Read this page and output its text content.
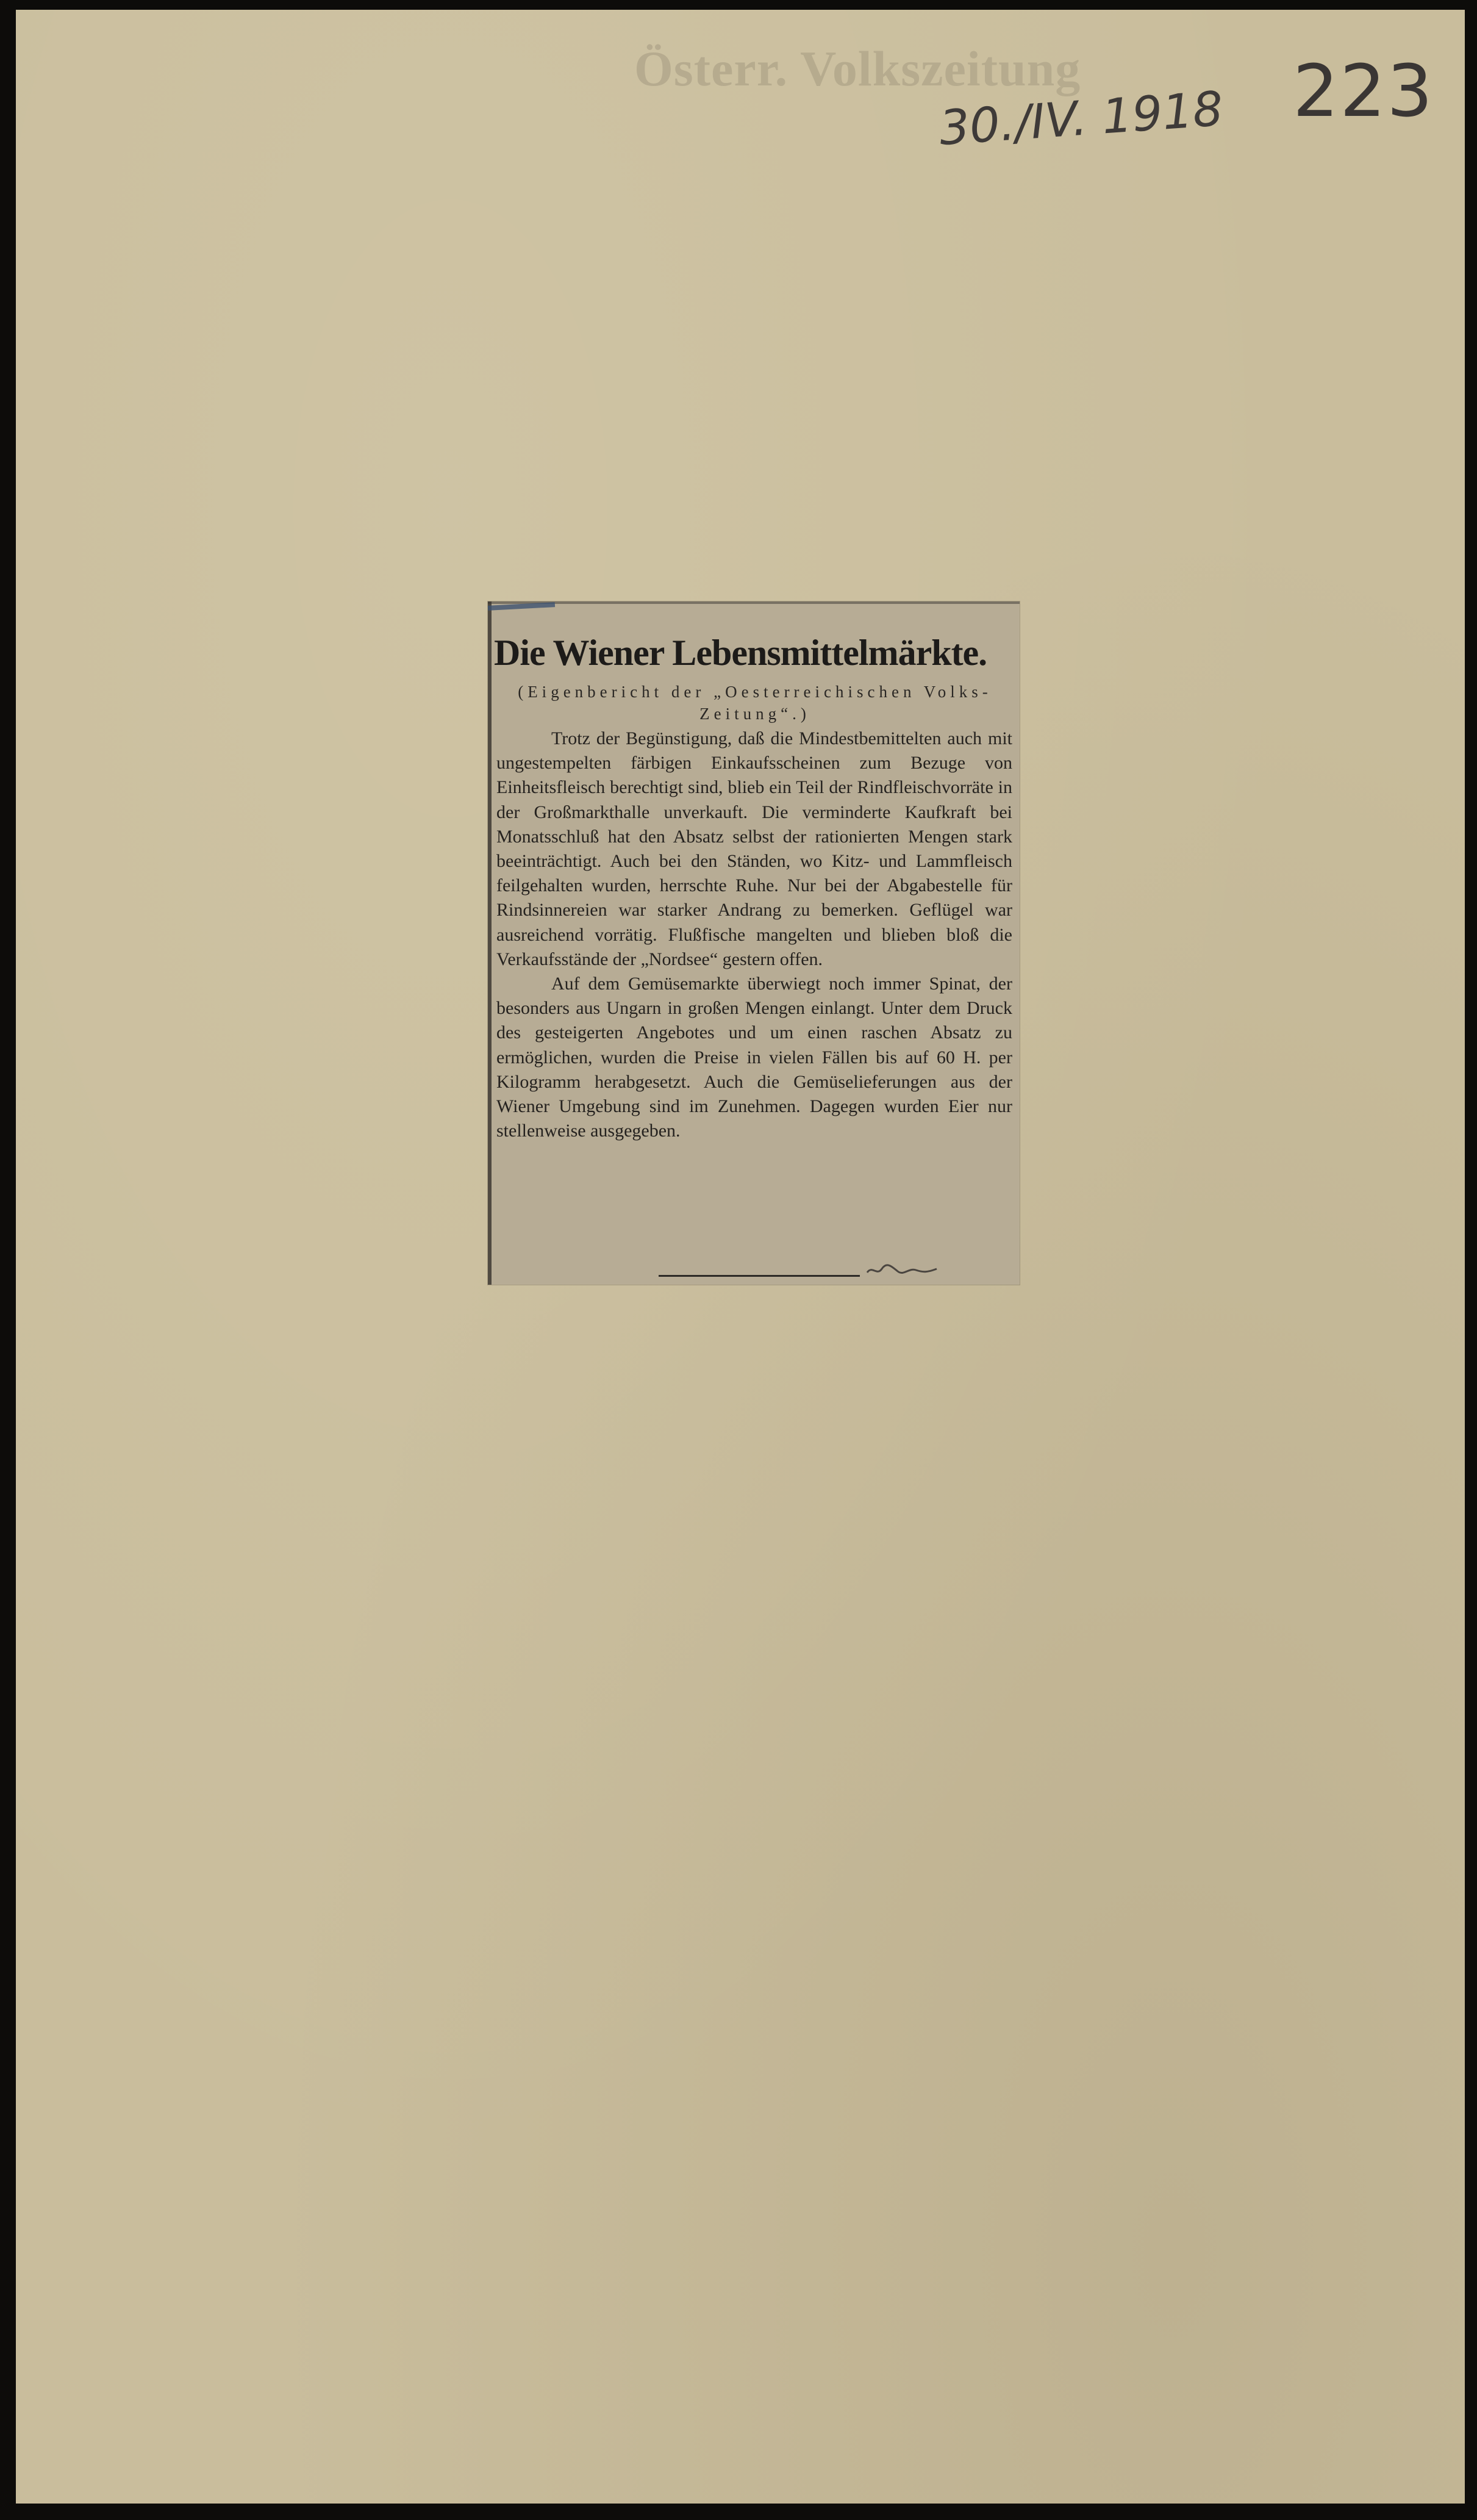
Österr. Volkszeitung
30./IV. 1918 223
Die Wiener Lebensmittelmärkte.
(Eigenbericht der „Oesterreichischen Volks-Zeitung“.)

Trotz der Begünstigung, daß die Mindestbemittelten auch mit ungestempelten färbigen Einkaufsscheinen zum Bezuge von Einheitsfleisch berechtigt sind, blieb ein Teil der Rindfleischvorräte in der Großmarkthalle unverkauft. Die verminderte Kaufkraft bei Monatsschluß hat den Absatz selbst der rationierten Mengen stark beeinträchtigt. Auch bei den Ständen, wo Kitz- und Lammfleisch feilgehalten wurden, herrschte Ruhe. Nur bei der Abgabestelle für Rindsinnereien war starker Andrang zu bemerken. Geflügel war ausreichend vorrätig. Flußfische mangelten und blieben bloß die Verkaufsstände der „Nordsee“ gestern offen.

Auf dem Gemüsemarkte überwiegt noch immer Spinat, der besonders aus Ungarn in großen Mengen einlangt. Unter dem Druck des gesteigerten Angebotes und um einen raschen Absatz zu ermöglichen, wurden die Preise in vielen Fällen bis auf 60 H. per Kilogramm herabgesetzt. Auch die Gemüselieferungen aus der Wiener Umgebung sind im Zunehmen. Dagegen wurden Eier nur stellenweise ausgegeben.
